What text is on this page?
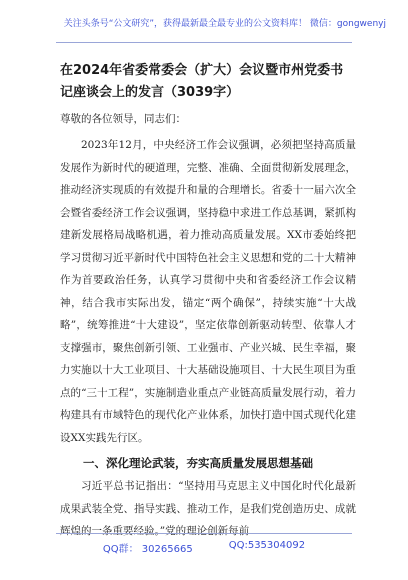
关注头条号“公文研究”，获得最新最全最专业的公文资料库！ 微信：gongwenyj
在2024年省委常委会（扩大）会议暨市州党委书记座谈会上的发言（3039字）

尊敬的各位领导，同志们：

2023年12月，中央经济工作会议强调，必须把坚持高质量发展作为新时代的硬道理，完整、准确、全面贯彻新发展理念，推动经济实现质的有效提升和量的合理增长。省委十一届六次全会暨省委经济工作会议强调，坚持稳中求进工作总基调，紧抓构建新发展格局战略机遇，着力推动高质量发展。XX市委始终把学习贯彻习近平新时代中国特色社会主义思想和党的二十大精神作为首要政治任务，认真学习贯彻中央和省委经济工作会议精神，结合我市实际出发，锚定“两个确保”，持续实施“十大战略”，统筹推进“十大建设”，坚定依靠创新驱动转型、依靠人才支撑强市，聚焦创新引领、工业强市、产业兴城、民生幸福，聚力实施以十大工业项目、十大基础设施项目、十大民生项目为重点的“三十工程”，实施制造业重点产业链高质量发展行动，着力构建具有市域特色的现代化产业体系，加快打造中国式现代化建设XX实践先行区。

一、深化理论武装，夯实高质量发展思想基础

习近平总书记指出：“坚持用马克思主义中国化时代化最新成果武装全党、指导实践、推动工作，是我们党创造历史、成就辉煌的一条重要经验。”党的理论创新每前

QQ群： 30265665	QQ:535304092
